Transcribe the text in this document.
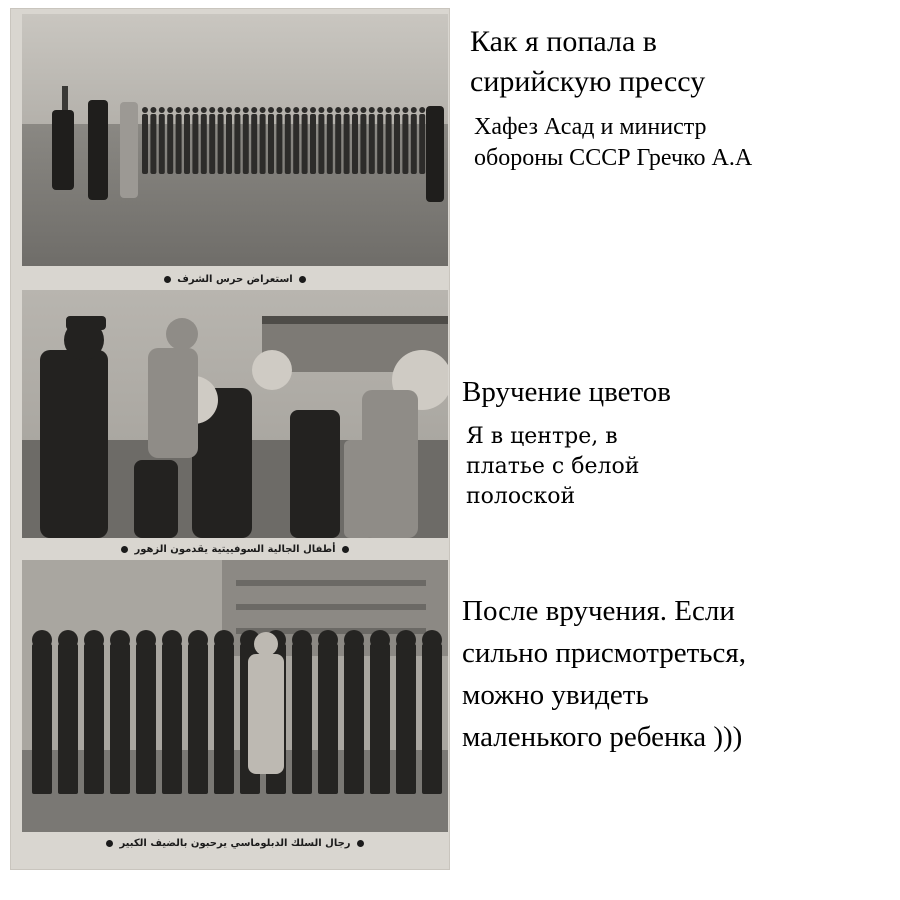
استعراض حرس الشرف
أطفال الجالية السوفييتية يقدمون الزهور
رجال السلك الدبلوماسي يرحبون بالضيف الكبير
Как я попала в
сирийскую прессу
Хафез Асад и министр
обороны СССР Гречко А.А
Вручение цветов
Я в центре, в
платье с белой
полоской
После вручения. Если
сильно присмотреться,
можно увидеть
маленького ребенка )))
